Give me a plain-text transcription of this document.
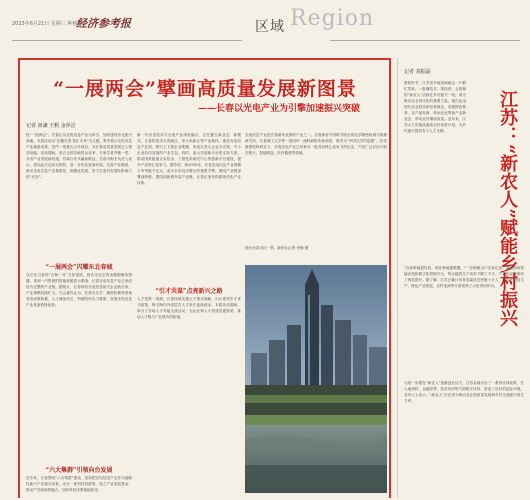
2023年6月21日 星期三 种植 52
经济参考报	Region
区域
“一展两会”擘画高质量发展新图景
——长春以光电产业为引擎加速振兴突破
记者 祖谦 王帆 金萍洁
经“一展两会”，长春正以光电信息产业为牵引，加快建设东北振兴高地。本届活动以“光耀长春 智汇未来”为主题，集中展示光电信息产业最新成果，签约一批重大合作项目，为长春高质量发展注入强劲动能。活动期间，来自全国各地的企业家、专家学者齐聚一堂，共话产业发展新机遇，共谋合作共赢新路径。长春市相关负责人表示，将以此次活动为契机，进一步优化营商环境，完善产业链条，推动光电信息产业集群化、规模化发展，努力打造具有国际影响力的“光谷”。
“一展两会”闪耀东北春城
从长光卫星的“吉林一号”卫星星座，到长光辰芯的高端图像传感器，再到一汽集团的智能座舱显示系统，长春光电信息产业已形成较为完整的产业链。据统计，长春现有光电信息相关企业数百家，产业规模持续扩大。与会嘉宾认为，长春在光学、精密机械等领域具有深厚积累，人才储备充足，科研院所实力雄厚，发展光电信息产业具备独特优势。
“六大集群”引领向台发展
近年来，长春围绕“六大集群”建设，坚持把光电信息产业作为战略性新兴产业重点培育，出台一系列扶持政策，设立产业发展基金，推动产学研深度融合，加快科技成果就地转化。
新一代信息技术与光电产业深度融合，正在催生新业态、新模式。长春将依托长春新区、净月高新区等产业载体，建设光电信息产业园，吸引上下游企业集聚，形成以龙头企业为引领、中小企业协同发展的产业生态。同时，加大对创新平台的支持力度，推动国家级重点实验室、工程技术研究中心等创新平台建设，提升产业核心竞争力。据介绍，到2025年，长春光电信息产业规模力争突破千亿元，成为全市经济增长的重要引擎。围绕产业链部署创新链，围绕创新链布局产业链，长春正加快构建现代化产业体系。
“引才共谋”点亮新兴之路
人才是第一资源。长春持续实施人才强市战略，出台系列引才育才政策，吸引海内外高层次人才来长创新创业。本届活动期间，举办了多场人才对接交流活动，为企业和人才搭建沟通桥梁，推动人才链与产业链有效衔接。
光电信息产业是长春最具优势的产业之一。长春拥有中国科学院长春光学精密机械与物理研究所、长春理工大学等一批国内一流科研院所和高校，被誉为“中国光学的摇篮”。依托雄厚的科研实力，长春光电产业已培育出一批具有核心竞争力的企业，产品广泛应用于航空航天、智能制造、医疗健康等领域。
图为长春市区一景。新华社记者 许畅 摄
记者 刘振磊
江苏：“新农人”赋能乡村振兴
夏收时节，江苏省多地田间地头一片繁忙景象。一批懂技术、善经营、会管理的“新农人”活跃在乡村振兴一线，成为推动农业现代化的重要力量。他们运用现代农业技术和经营理念，发展特色种养、农产品电商、休闲农业等新产业新业态，带动农民增收致富。近年来，江苏大力实施高素质农民培育计划，为乡村振兴提供有力人才支撑。
“以前种地靠经验，现在种地靠数据。”一位种粮大户告诉记者，通过使用智能农机和数字化管理平台，每亩地的生产成本下降了不少，产量和品质都有了明显提升。据了解，江苏已累计培育高素质农民数十万人，他们在粮食生产、特色产业发展、农村电商等方面发挥了示范带动作用。
为进一步激发“新农人”创新创业活力，江苏各地出台了一系列支持政策，在土地流转、金融信贷、技术培训等方面给予扶持，营造了良好的创业环境。业内人士表示，“新农人”正在成为推动农业高质量发展和乡村全面振兴的生力军。
